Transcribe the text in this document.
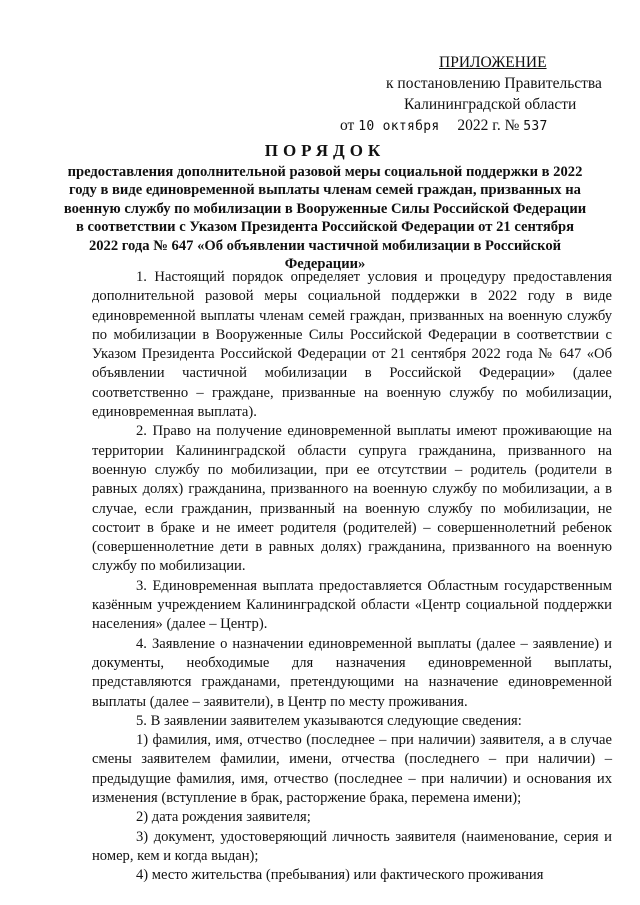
ПРИЛОЖЕНИЕ
к постановлению Правительства
Калининградской области
от 10 октября 2022 г. № 537
ПОРЯДОК
предоставления дополнительной разовой меры социальной поддержки в 2022 году в виде единовременной выплаты членам семей граждан, призванных на военную службу по мобилизации в Вооруженные Силы Российской Федерации в соответствии с Указом Президента Российской Федерации от 21 сентября 2022 года № 647 «Об объявлении частичной мобилизации в Российской Федерации»

1. Настоящий порядок определяет условия и процедуру предоставления дополнительной разовой меры социальной поддержки в 2022 году в виде единовременной выплаты членам семей граждан, призванных на военную службу по мобилизации в Вооруженные Силы Российской Федерации в соответствии с Указом Президента Российской Федерации от 21 сентября 2022 года № 647 «Об объявлении частичной мобилизации в Российской Федерации» (далее соответственно – граждане, призванные на военную службу по мобилизации, единовременная выплата).

2. Право на получение единовременной выплаты имеют проживающие на территории Калининградской области супруга гражданина, призванного на военную службу по мобилизации, при ее отсутствии – родитель (родители в равных долях) гражданина, призванного на военную службу по мобилизации, а в случае, если гражданин, призванный на военную службу по мобилизации, не состоит в браке и не имеет родителя (родителей) – совершеннолетний ребенок (совершеннолетние дети в равных долях) гражданина, призванного на военную службу по мобилизации.

3. Единовременная выплата предоставляется Областным государственным казённым учреждением Калининградской области «Центр социальной поддержки населения» (далее – Центр).

4. Заявление о назначении единовременной выплаты (далее – заявление) и документы, необходимые для назначения единовременной выплаты, представляются гражданами, претендующими на назначение единовременной выплаты (далее – заявители), в Центр по месту проживания.

5. В заявлении заявителем указываются следующие сведения:

1) фамилия, имя, отчество (последнее – при наличии) заявителя, а в случае смены заявителем фамилии, имени, отчества (последнего – при наличии) – предыдущие фамилия, имя, отчество (последнее – при наличии) и основания их изменения (вступление в брак, расторжение брака, перемена имени);

2) дата рождения заявителя;

3) документ, удостоверяющий личность заявителя (наименование, серия и номер, кем и когда выдан);

4) место жительства (пребывания) или фактического проживания
